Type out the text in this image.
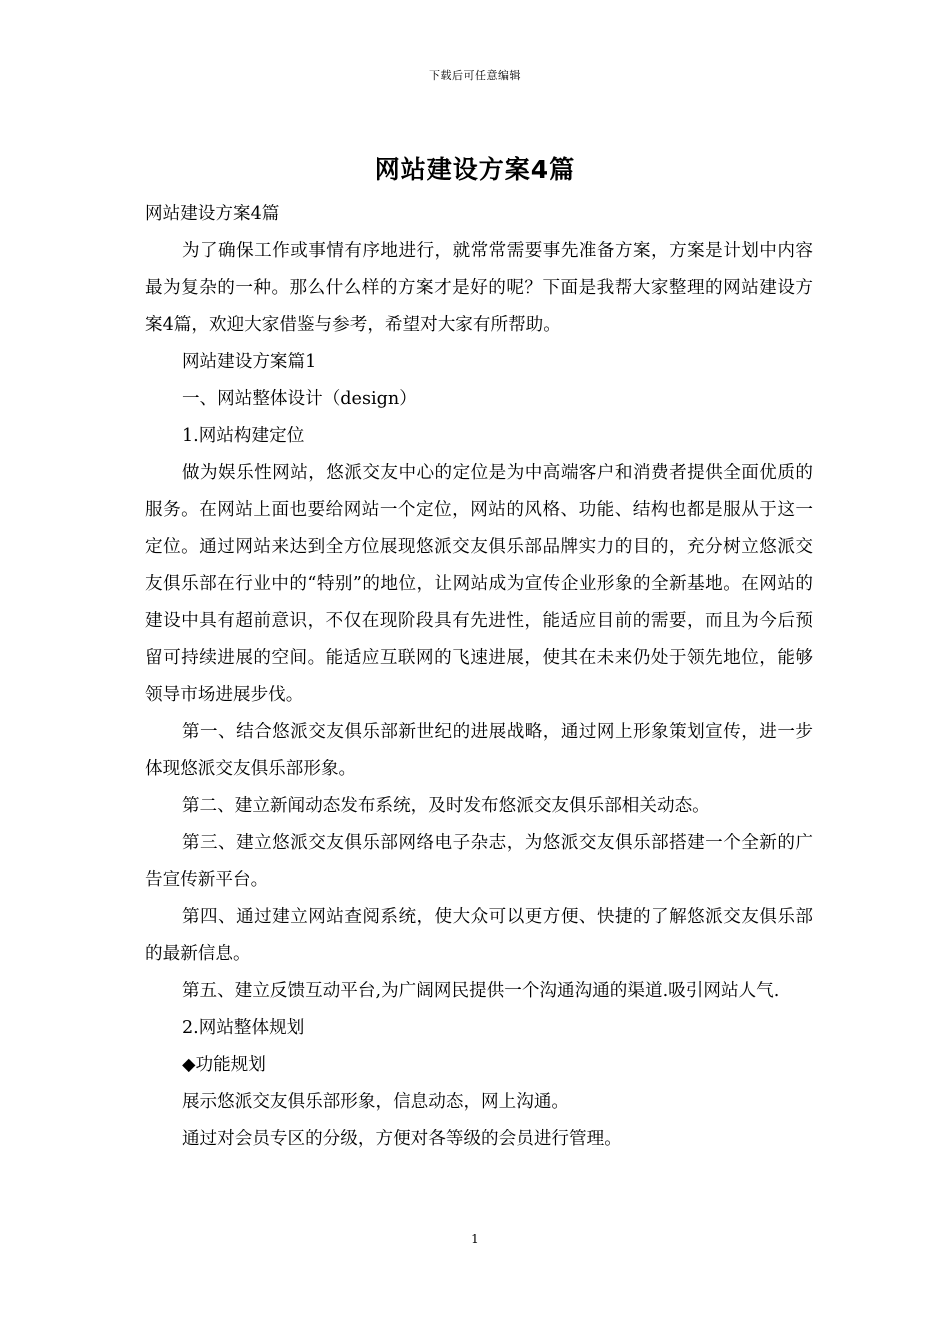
下载后可任意编辑
网站建设方案4篇

网站建设方案4篇

为了确保工作或事情有序地进行，就常常需要事先准备方案，方案是计划中内容最为复杂的一种。那么什么样的方案才是好的呢？下面是我帮大家整理的网站建设方案4篇，欢迎大家借鉴与参考，希望对大家有所帮助。

网站建设方案篇1

一、网站整体设计（design）

1.网站构建定位

做为娱乐性网站，悠派交友中心的定位是为中高端客户和消费者提供全面优质的服务。在网站上面也要给网站一个定位，网站的风格、功能、结构也都是服从于这一定位。通过网站来达到全方位展现悠派交友俱乐部品牌实力的目的，充分树立悠派交友俱乐部在行业中的“特别”的地位，让网站成为宣传企业形象的全新基地。在网站的建设中具有超前意识，不仅在现阶段具有先进性，能适应目前的需要，而且为今后预留可持续进展的空间。能适应互联网的飞速进展，使其在未来仍处于领先地位，能够领导市场进展步伐。

第一、结合悠派交友俱乐部新世纪的进展战略，通过网上形象策划宣传，进一步体现悠派交友俱乐部形象。

第二、建立新闻动态发布系统，及时发布悠派交友俱乐部相关动态。

第三、建立悠派交友俱乐部网络电子杂志，为悠派交友俱乐部搭建一个全新的广告宣传新平台。

第四、通过建立网站查阅系统，使大众可以更方便、快捷的了解悠派交友俱乐部的最新信息。

第五、建立反馈互动平台,为广阔网民提供一个沟通沟通的渠道.吸引网站人气.

2.网站整体规划

◆功能规划

展示悠派交友俱乐部形象，信息动态，网上沟通。

通过对会员专区的分级，方便对各等级的会员进行管理。

1
